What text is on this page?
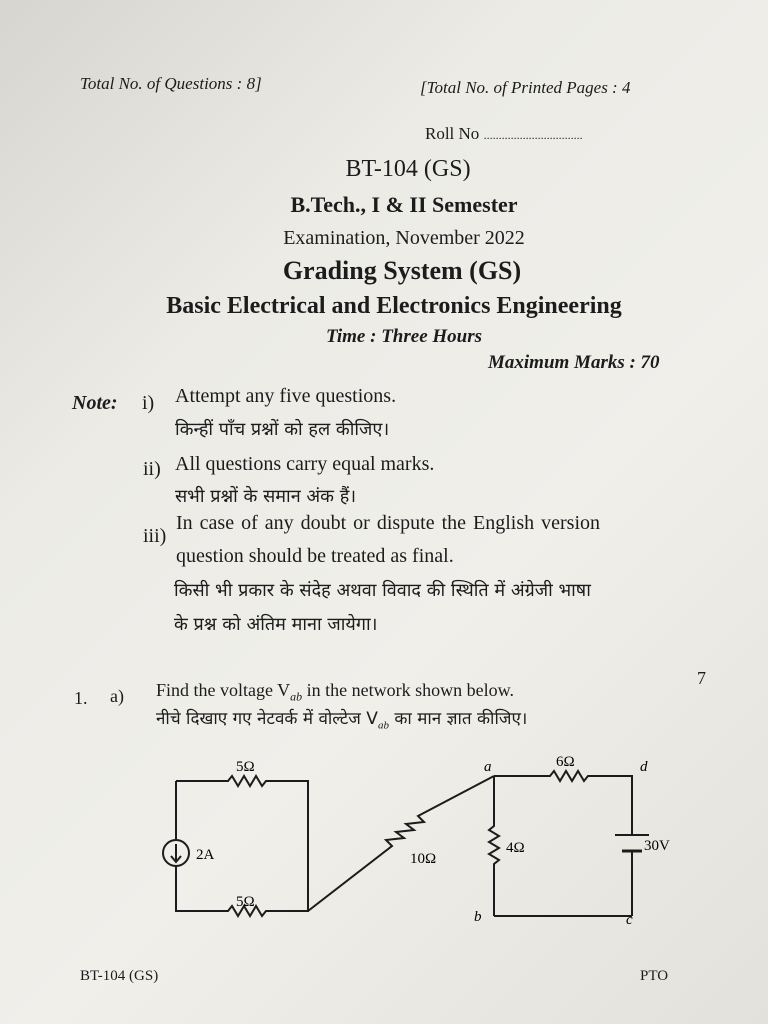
Total No. of Questions : 8]	[Total No. of Printed Pages : 4
Roll No .................................
BT-104 (GS)
B.Tech., I & II Semester
Examination, November 2022
Grading System (GS)
Basic Electrical and Electronics Engineering
Time : Three Hours
Maximum Marks : 70
Note: i) Attempt any five questions.
किन्हीं पाँच प्रश्नों को हल कीजिए।
ii) All questions carry equal marks.
सभी प्रश्नों के समान अंक हैं।
iii)
In case of any doubt or dispute the English version
question should be treated as final.
किसी भी प्रकार के संदेह अथवा विवाद की स्थिति में अंग्रेजी भाषा
के प्रश्न को अंतिम माना जायेगा।
1. a) Find the voltage $V_{ab}$ in the network shown below.
7
नीचे दिखाए गए नेटवर्क में वोल्टेज $V_{ab}$ का मान ज्ञात कीजिए।
5Ω
2A
5Ω
10Ω
4Ω
6Ω
30V
a
b	c
d
BT-104 (GS)	PTO
